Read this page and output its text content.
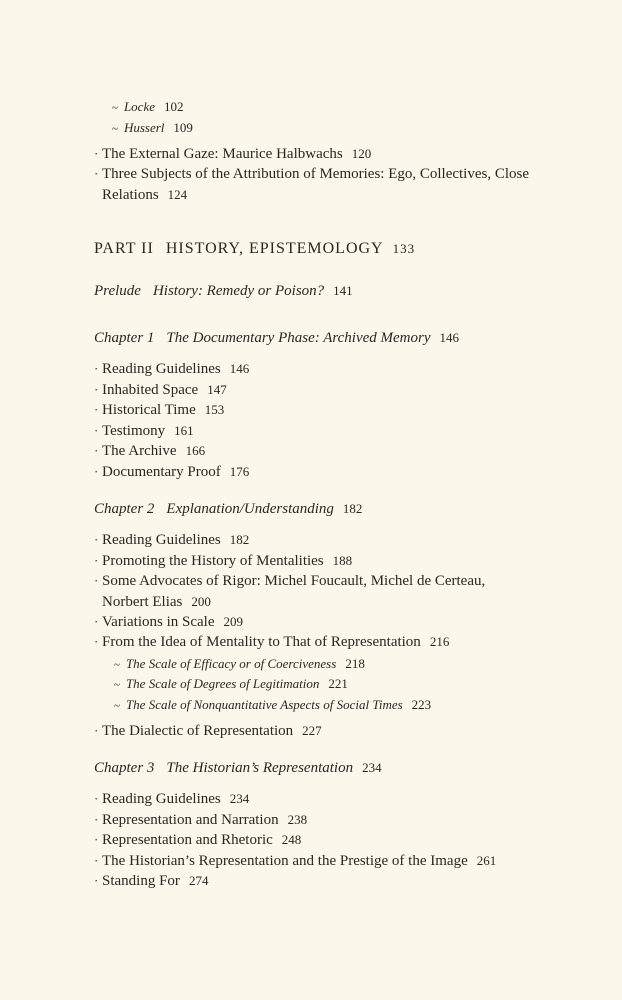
~ Locke 102
~ Husserl 109
· The External Gaze: Maurice Halbwachs 120
· Three Subjects of the Attribution of Memories: Ego, Collectives, Close
Relations 124
PART II HISTORY, EPISTEMOLOGY 133
Prelude History: Remedy or Poison? 141
Chapter 1 The Documentary Phase: Archived Memory 146
· Reading Guidelines 146
· Inhabited Space 147
· Historical Time 153
· Testimony 161
· The Archive 166
· Documentary Proof 176
Chapter 2 Explanation/Understanding 182
· Reading Guidelines 182
· Promoting the History of Mentalities 188
· Some Advocates of Rigor: Michel Foucault, Michel de Certeau,
Norbert Elias 200
· Variations in Scale 209
· From the Idea of Mentality to That of Representation 216
~ The Scale of Efficacy or of Coerciveness 218
~ The Scale of Degrees of Legitimation 221
~ The Scale of Nonquantitative Aspects of Social Times 223
· The Dialectic of Representation 227
Chapter 3 The Historian’s Representation 234
· Reading Guidelines 234
· Representation and Narration 238
· Representation and Rhetoric 248
· The Historian’s Representation and the Prestige of the Image 261
· Standing For 274
